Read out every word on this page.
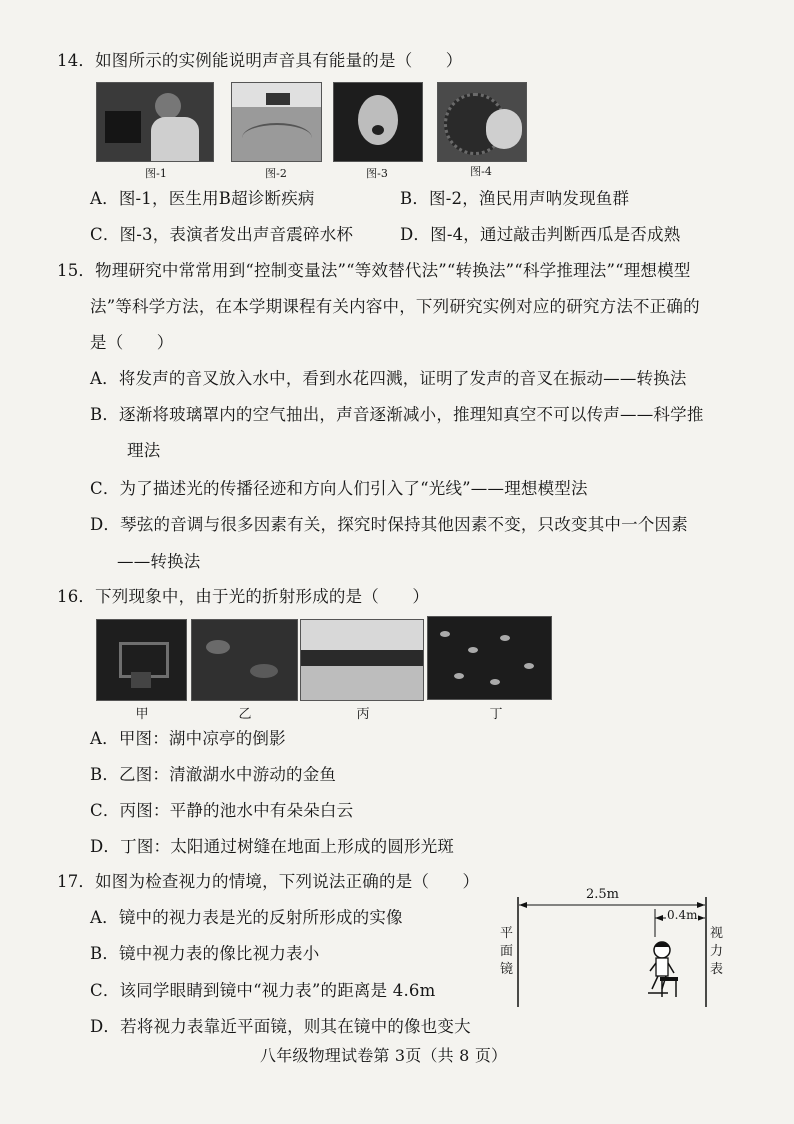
14．如图所示的实例能说明声音具有能量的是（　　）
图-1	图-2	图-3	图-4
A．图-1，医生用B超诊断疾病	B．图-2，渔民用声呐发现鱼群
C．图-3，表演者发出声音震碎水杯	D．图-4，通过敲击判断西瓜是否成熟
15．物理研究中常常用到“控制变量法”“等效替代法”“转换法”“科学推理法”“理想模型
法”等科学方法，在本学期课程有关内容中，下列研究实例对应的研究方法不正确的
是（　　）
A．将发声的音叉放入水中，看到水花四溅，证明了发声的音叉在振动——转换法
B．逐渐将玻璃罩内的空气抽出，声音逐渐减小，推理知真空不可以传声——科学推
理法
C．为了描述光的传播径迹和方向人们引入了“光线”——理想模型法
D．琴弦的音调与很多因素有关，探究时保持其他因素不变，只改变其中一个因素
——转换法
16．下列现象中，由于光的折射形成的是（　　）
甲	乙	丙	丁
A．甲图：湖中凉亭的倒影
B．乙图：清澈湖水中游动的金鱼
C．丙图：平静的池水中有朵朵白云
D．丁图：太阳通过树缝在地面上形成的圆形光斑
17．如图为检查视力的情境，下列说法正确的是（　　）
A．镜中的视力表是光的反射所形成的实像
B．镜中视力表的像比视力表小
C．该同学眼睛到镜中“视力表”的距离是 4.6m
D．若将视力表靠近平面镜，则其在镜中的像也变大
2.5m
0.4m
平
面
镜
视
力
表
八年级物理试卷第 3页（共 8 页）
